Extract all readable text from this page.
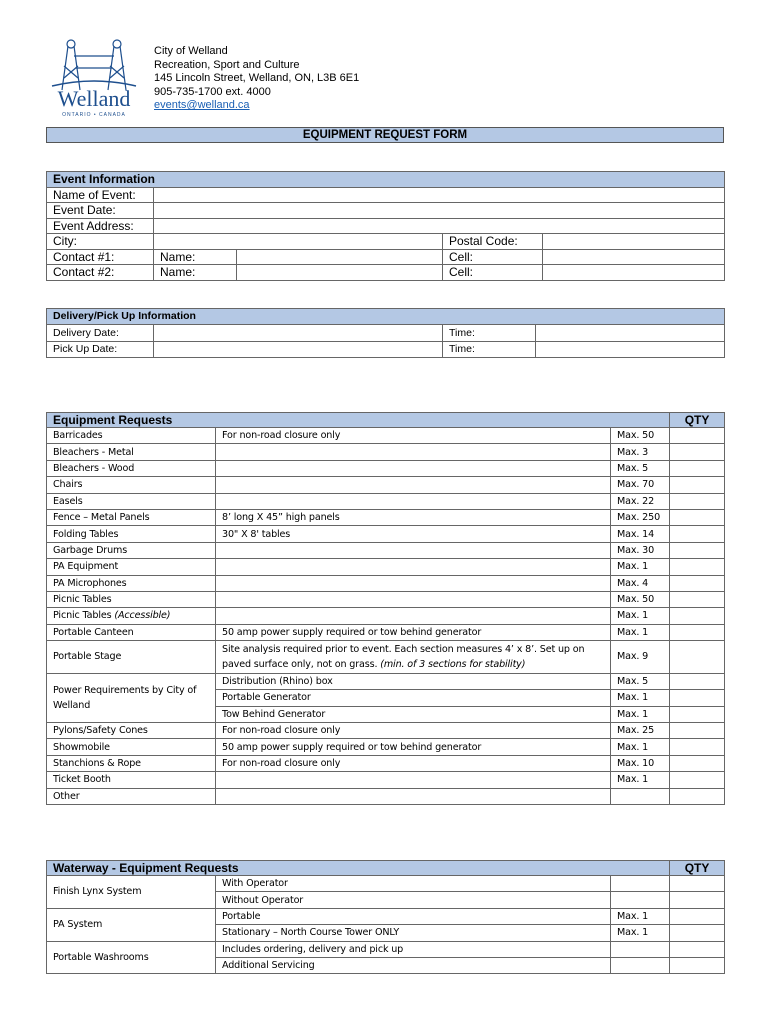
Welland
ONTARIO • CANADA
City of Welland
Recreation, Sport and Culture
145 Lincoln Street, Welland, ON, L3B 6E1
905-735-1700 ext. 4000
events@welland.ca
EQUIPMENT REQUEST FORM
Event Information				
Name of Event:				
Event Date:				
Event Address:				
City:			Postal Code:	
Contact #1:	Name:		Cell:	
Contact #2:	Name:		Cell:	
Delivery/Pick Up Information			
Delivery Date:		Time:	
Pick Up Date:		Time:	
Equipment Requests			QTY
Barricades	For non-road closure only	Max. 50	
Bleachers - Metal		Max. 3	
Bleachers - Wood		Max. 5	
Chairs		Max. 70	
Easels		Max. 22	
Fence – Metal Panels	8’ long X 45” high panels	Max. 250	
Folding Tables	30" X 8' tables	Max. 14	
Garbage Drums		Max. 30	
PA Equipment		Max. 1	
PA Microphones		Max. 4	
Picnic Tables		Max. 50	
Picnic Tables (Accessible)		Max. 1	
Portable Canteen	50 amp power supply required or tow behind generator	Max. 1	
Portable Stage	Site analysis required prior to event. Each section measures 4’ x 8’. Set up on paved surface only, not on grass. (min. of 3 sections for stability)	Max. 9	
Power Requirements by City of Welland	Distribution (Rhino) box	Max. 5	
	Portable Generator	Max. 1	
	Tow Behind Generator	Max. 1	
Pylons/Safety Cones	For non-road closure only	Max. 25	
Showmobile	50 amp power supply required or tow behind generator	Max. 1	
Stanchions & Rope	For non-road closure only	Max. 10	
Ticket Booth		Max. 1	
Other			
Waterway - Equipment Requests			QTY
Finish Lynx System	With Operator		
	Without Operator		
PA System	Portable	Max. 1	
	Stationary – North Course Tower ONLY	Max. 1	
Portable Washrooms	Includes ordering, delivery and pick up		
	Additional Servicing		
